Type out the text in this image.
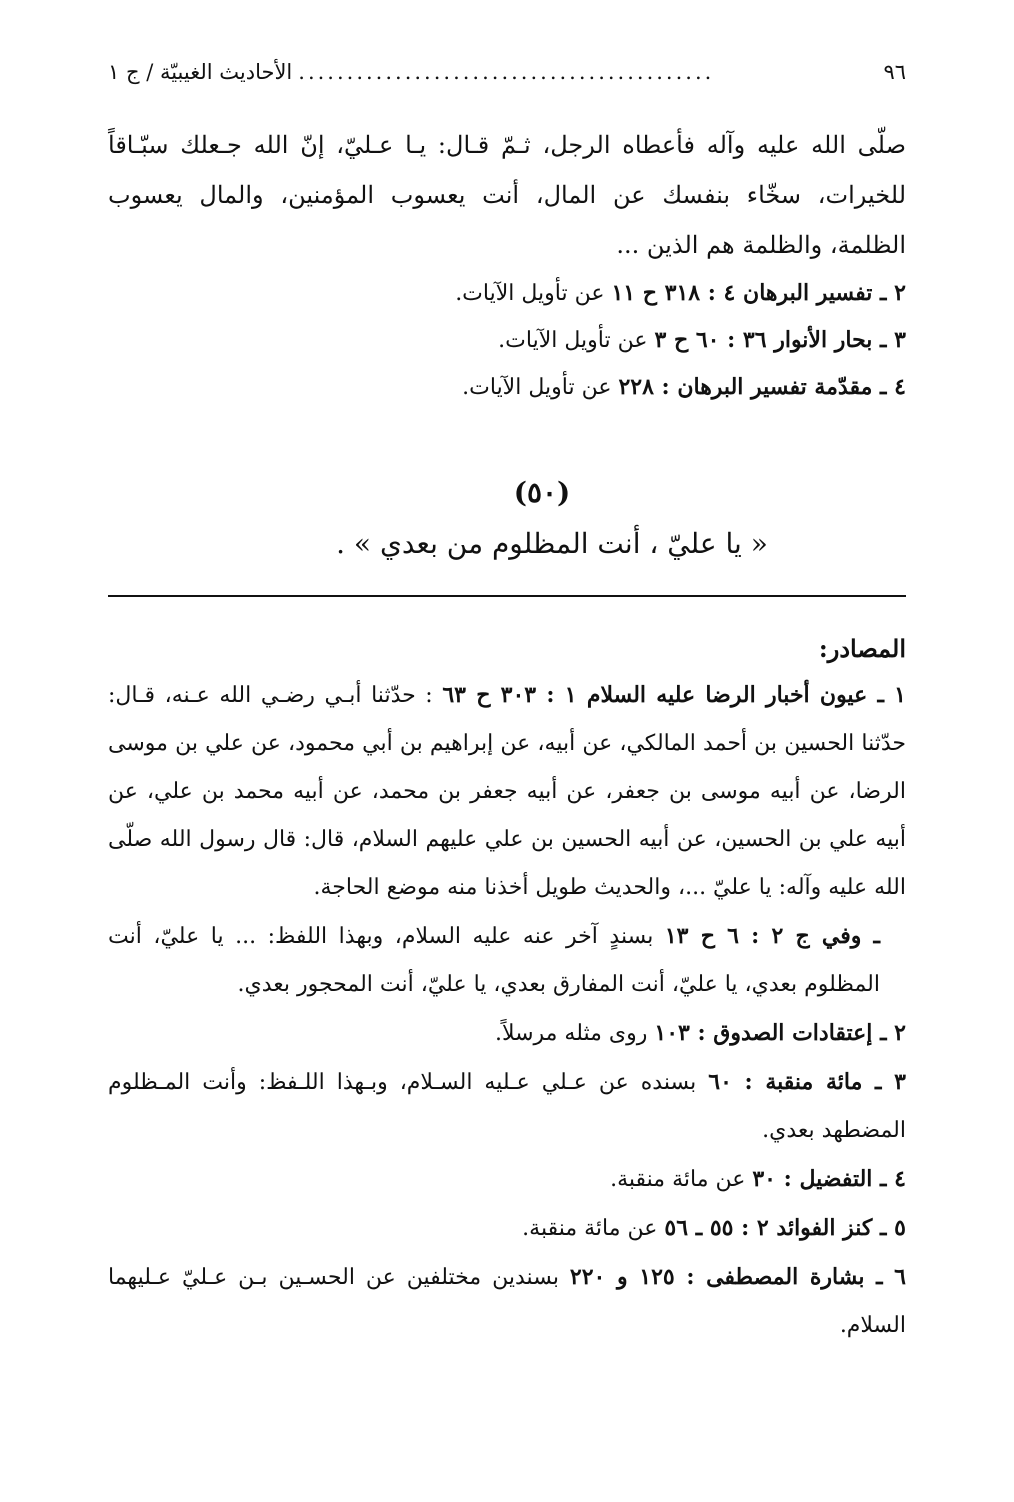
٩٦
...........................................
الأحاديث الغيبيّة / ج ١
صلّى الله عليه وآله فأعطاه الرجل، ثـمّ قـال: يـا عـليّ، إنّ الله جـعلك سبّـاقاً للخيرات، سخّاء بنفسك عن المال، أنت يعسوب المؤمنين، والمال يعسوب الظلمة، والظلمة هم الذين ...
٢ ـ تفسير البرهان ٤ : ٣١٨ ح ١١ عن تأويل الآيات.
٣ ـ بحار الأنوار ٣٦ : ٦٠ ح ٣ عن تأويل الآيات.
٤ ـ مقدّمة تفسير البرهان : ٢٢٨ عن تأويل الآيات.
(٥٠)
« يا عليّ ، أنت المظلوم من بعدي » .
المصادر:
١ ـ عيون أخبار الرضا عليه السلام ١ : ٣٠٣ ح ٦٣ : حدّثنا أبـي رضـي الله عـنه، قـال: حدّثنا الحسين بن أحمد المالكي، عن أبيه، عن إبراهيم بن أبي محمود، عن علي بن موسى الرضا، عن أبيه موسى بن جعفر، عن أبيه جعفر بن محمد، عن أبيه محمد بن علي، عن أبيه علي بن الحسين، عن أبيه الحسين بن علي عليهم السلام، قال: قال رسول الله صلّى الله عليه وآله: يا عليّ ...، والحديث طويل أخذنا منه موضع الحاجة.
ـ وفي ج ٢ : ٦ ح ١٣ بسندٍ آخر عنه عليه السلام، وبهذا اللفظ: ... يا عليّ، أنت المظلوم بعدي، يا عليّ، أنت المفارق بعدي، يا عليّ، أنت المحجور بعدي.
٢ ـ إعتقادات الصدوق : ١٠٣ روى مثله مرسلاً.
٣ ـ مائة منقبة : ٦٠ بسنده عن عـلي عـليه السـلام، وبـهذا اللـفظ: وأنت المـظلوم المضطهد بعدي.
٤ ـ التفضيل : ٣٠ عن مائة منقبة.
٥ ـ كنز الفوائد ٢ : ٥٥ ـ ٥٦ عن مائة منقبة.
٦ ـ بشارة المصطفى : ١٢٥ و ٢٢٠ بسندين مختلفين عن الحسـين بـن عـليّ عـليهما السلام.
